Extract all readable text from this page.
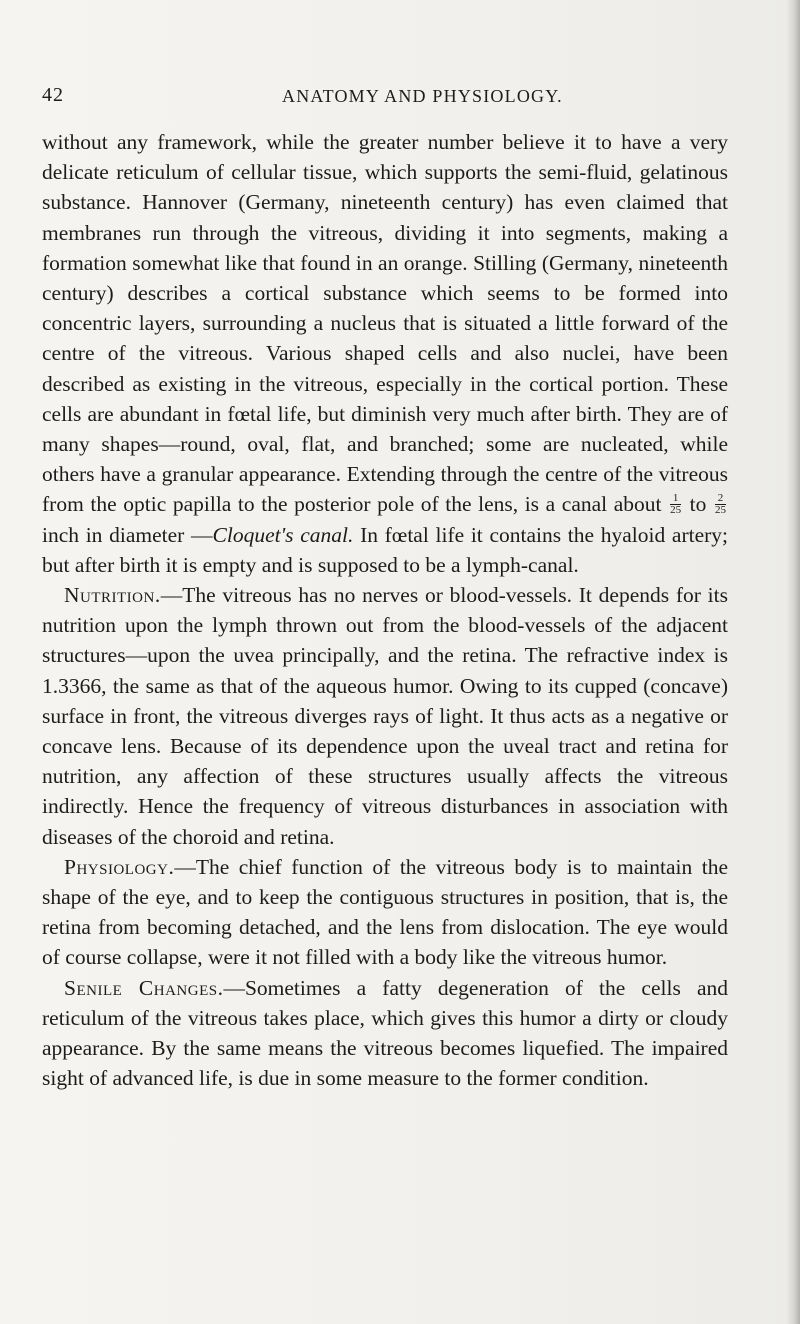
42	ANATOMY AND PHYSIOLOGY.

without any framework, while the greater number believe it to have a very delicate reticulum of cellular tissue, which supports the semi-fluid, gelatinous substance. Hannover (Germany, nineteenth century) has even claimed that membranes run through the vitreous, dividing it into segments, making a formation somewhat like that found in an orange. Stilling (Germany, nineteenth century) describes a cortical substance which seems to be formed into concentric layers, surrounding a nucleus that is situated a little forward of the centre of the vitreous. Various shaped cells and also nuclei, have been described as existing in the vitreous, especially in the cortical portion. These cells are abundant in fœtal life, but diminish very much after birth. They are of many shapes—round, oval, flat, and branched; some are nucleated, while others have a granular appearance. Extending through the centre of the vitreous from the optic papilla to the posterior pole of the lens, is a canal about $\frac{1}{25}$ to $\frac{2}{25}$
inch in diameter —Cloquet's canal. In fœtal life it contains the hyaloid artery; but after birth it is empty and is supposed to be a lymph-canal.

Nutrition.—The vitreous has no nerves or blood-vessels. It depends for its nutrition upon the lymph thrown out from the blood-vessels of the adjacent structures—upon the uvea principally, and the retina. The refractive index is 1.3366, the same as that of the aqueous humor. Owing to its cupped (concave) surface in front, the vitreous diverges rays of light. It thus acts as a negative or concave lens. Because of its dependence upon the uveal tract and retina for nutrition, any affection of these structures usually affects the vitreous indirectly. Hence the frequency of vitreous disturbances in association with diseases of the choroid and retina.

Physiology.—The chief function of the vitreous body is to maintain the shape of the eye, and to keep the contiguous structures in position, that is, the retina from becoming detached, and the lens from dislocation. The eye would of course collapse, were it not filled with a body like the vitreous humor.

Senile Changes.—Sometimes a fatty degeneration of the cells and reticulum of the vitreous takes place, which gives this humor a dirty or cloudy appearance. By the same means the vitreous becomes liquefied. The impaired sight of advanced life, is due in some measure to the former condition.
